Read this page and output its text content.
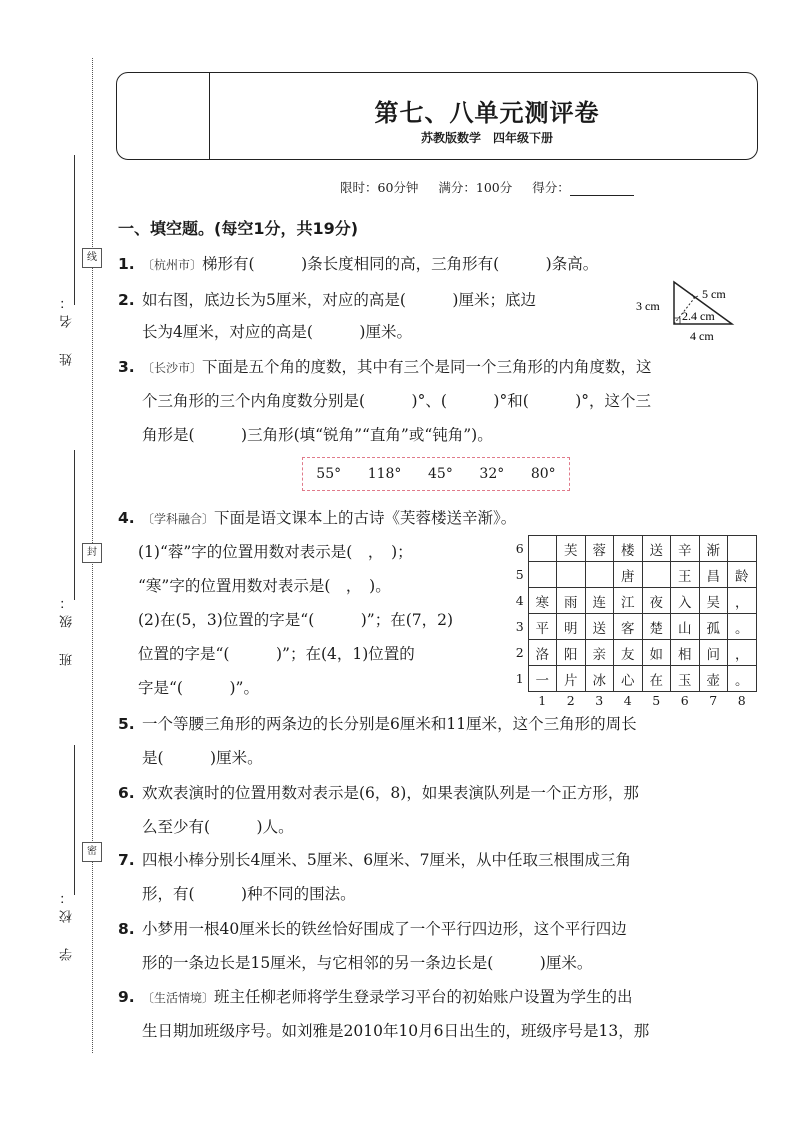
线
封
密
姓　名：
班　级：
学　校：
第七、八单元测评卷
苏教版数学　四年级下册
限时：60分钟 满分：100分 得分：
一、填空题。(每空1分，共19分)
1. 〔杭州市〕梯形有(　　　)条长度相同的高，三角形有(　　　)条高。
2. 如右图，底边长为5厘米，对应的高是(　　　)厘米；底边
长为4厘米，对应的高是(　　　)厘米。
3 cm
5 cm
2.4 cm
4 cm
3. 〔长沙市〕下面是五个角的度数，其中有三个是同一个三角形的内角度数，这
个三角形的三个内角度数分别是(　　　)°、(　　　)°和(　　　)°，这个三
角形是(　　　)三角形(填“锐角”“直角”或“钝角”)。
55° 118° 45° 32° 80°
4. 〔学科融合〕下面是语文课本上的古诗《芙蓉楼送辛渐》。
(1)“蓉”字的位置用数对表示是(　，　)；
“寒”字的位置用数对表示是(　，　)。
(2)在(5，3)位置的字是“(　　　)”；在(7，2)
位置的字是“(　　　)”；在(4，1)位置的
字是“(　　　)”。
6		芙	蓉	楼	送	辛	渐	
5				唐		王	昌	龄
4	寒	雨	连	江	夜	入	吴	，
3	平	明	送	客	楚	山	孤	。
2	洛	阳	亲	友	如	相	问	，
1	一	片	冰	心	在	玉	壶	。
	1	2	3	4	5	6	7	8
5. 一个等腰三角形的两条边的长分别是6厘米和11厘米，这个三角形的周长
是(　　　)厘米。
6. 欢欢表演时的位置用数对表示是(6，8)，如果表演队列是一个正方形，那
么至少有(　　　)人。
7. 四根小棒分别长4厘米、5厘米、6厘米、7厘米，从中任取三根围成三角
形，有(　　　)种不同的围法。
8. 小梦用一根40厘米长的铁丝恰好围成了一个平行四边形，这个平行四边
形的一条边长是15厘米，与它相邻的另一条边长是(　　　)厘米。
9. 〔生活情境〕班主任柳老师将学生登录学习平台的初始账户设置为学生的出
生日期加班级序号。如刘雅是2010年10月6日出生的，班级序号是13，那
